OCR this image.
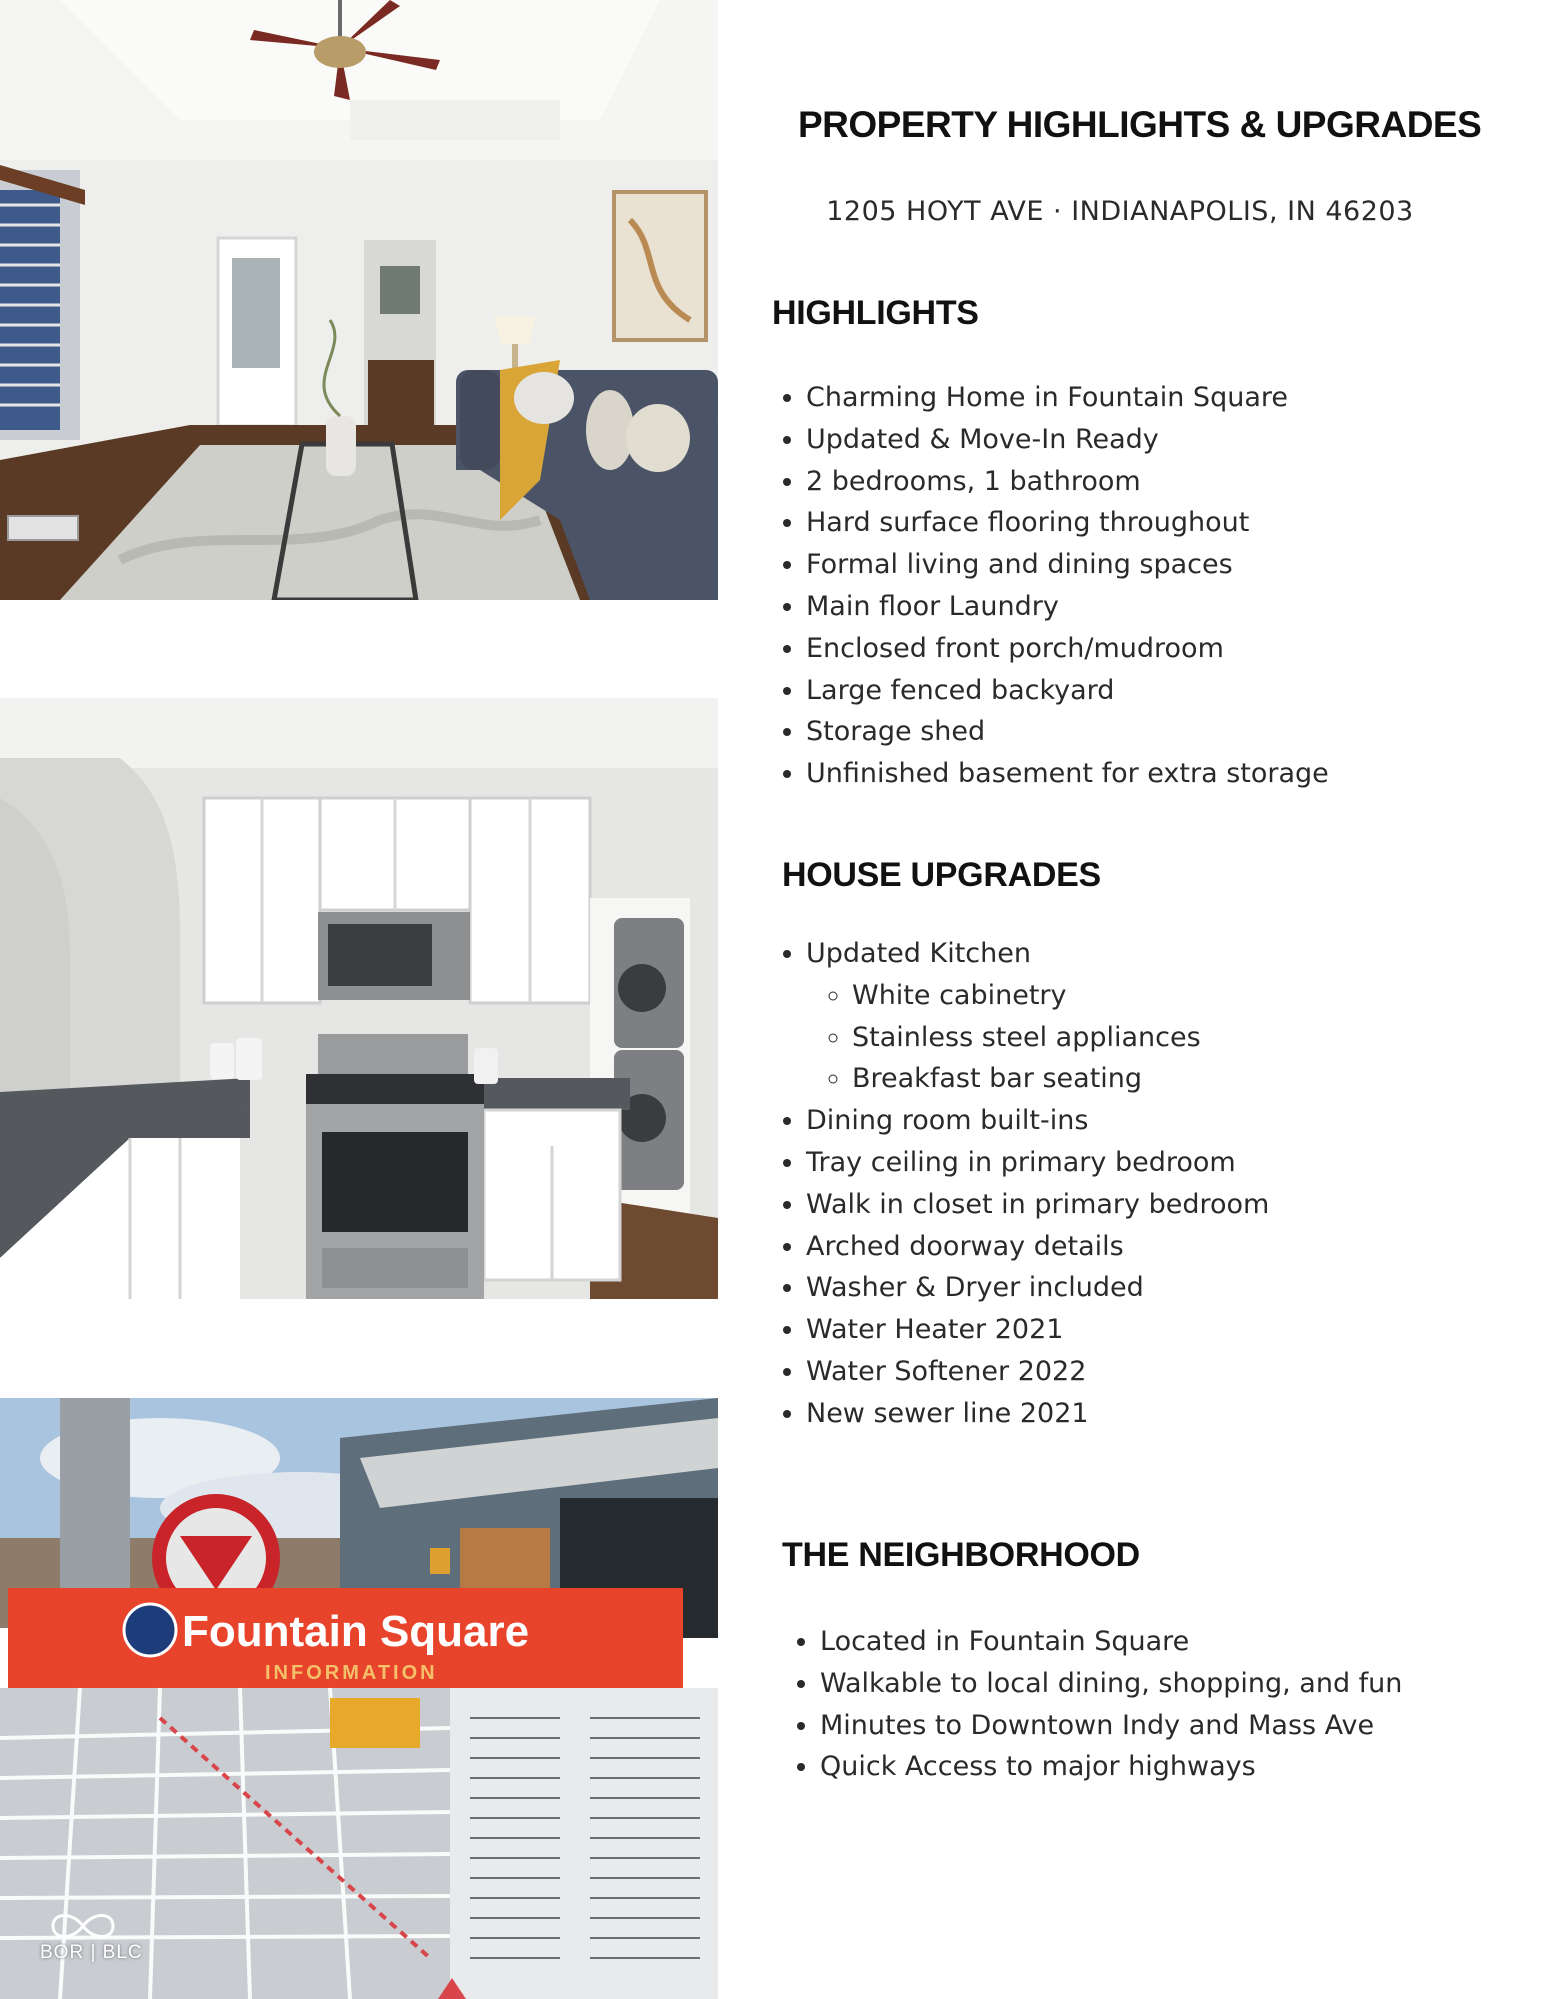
Fountain Square
INFORMATION
BOR | BLC
PROPERTY HIGHLIGHTS & UPGRADES

1205 HOYT AVE · INDIANAPOLIS, IN 46203

HIGHLIGHTS
• Charming Home in Fountain Square
• Updated & Move-In Ready
• 2 bedrooms, 1 bathroom
• Hard surface flooring throughout
• Formal living and dining spaces
• Main floor Laundry
• Enclosed front porch/mudroom
• Large fenced backyard
• Storage shed
• Unfinished basement for extra storage
HOUSE UPGRADES
• Updated Kitchen
◦ White cabinetry
◦ Stainless steel appliances
◦ Breakfast bar seating
• Dining room built-ins
• Tray ceiling in primary bedroom
• Walk in closet in primary bedroom
• Arched doorway details
• Washer & Dryer included
• Water Heater 2021
• Water Softener 2022
• New sewer line 2021
THE NEIGHBORHOOD
• Located in Fountain Square
• Walkable to local dining, shopping, and fun
• Minutes to Downtown Indy and Mass Ave
• Quick Access to major highways
